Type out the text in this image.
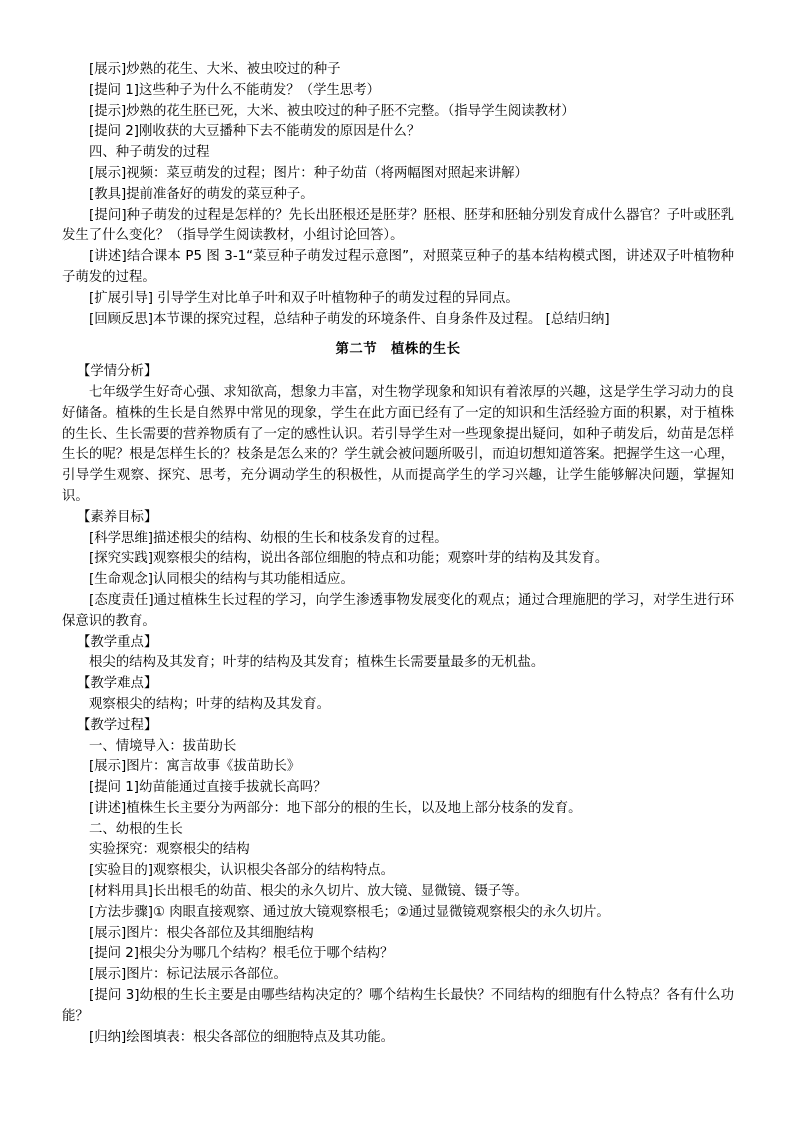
[展示]炒熟的花生、大米、被虫咬过的种子

[提问 1]这些种子为什么不能萌发？（学生思考）

[提示]炒熟的花生胚已死，大米、被虫咬过的种子胚不完整。（指导学生阅读教材）

[提问 2]刚收获的大豆播种下去不能萌发的原因是什么？

四、种子萌发的过程

[展示]视频：菜豆萌发的过程；图片：种子幼苗（将两幅图对照起来讲解）

[教具]提前准备好的萌发的菜豆种子。

[提问]种子萌发的过程是怎样的？先长出胚根还是胚芽？胚根、胚芽和胚轴分别发育成什么器官？子叶或胚乳发生了什么变化？（指导学生阅读教材，小组讨论回答）。

[讲述]结合课本 P5 图 3-1“菜豆种子萌发过程示意图”，对照菜豆种子的基本结构模式图，讲述双子叶植物种子萌发的过程。

[扩展引导] 引导学生对比单子叶和双子叶植物种子的萌发过程的异同点。

[回顾反思]本节课的探究过程，总结种子萌发的环境条件、自身条件及过程。 [总结归纳]

第二节　植株的生长

【学情分析】

七年级学生好奇心强、求知欲高，想象力丰富，对生物学现象和知识有着浓厚的兴趣，这是学生学习动力的良好储备。植株的生长是自然界中常见的现象，学生在此方面已经有了一定的知识和生活经验方面的积累，对于植株的生长、生长需要的营养物质有了一定的感性认识。若引导学生对一些现象提出疑问，如种子萌发后，幼苗是怎样生长的呢？根是怎样生长的？枝条是怎么来的？学生就会被问题所吸引，而迫切想知道答案。把握学生这一心理，引导学生观察、探究、思考，充分调动学生的积极性，从而提高学生的学习兴趣，让学生能够解决问题，掌握知识。

【素养目标】

[科学思维]描述根尖的结构、幼根的生长和枝条发育的过程。

[探究实践]观察根尖的结构，说出各部位细胞的特点和功能；观察叶芽的结构及其发育。

[生命观念]认同根尖的结构与其功能相适应。

[态度责任]通过植株生长过程的学习，向学生渗透事物发展变化的观点；通过合理施肥的学习，对学生进行环保意识的教育。

【教学重点】

根尖的结构及其发育；叶芽的结构及其发育；植株生长需要量最多的无机盐。

【教学难点】

观察根尖的结构；叶芽的结构及其发育。

【教学过程】

一、情境导入：拔苗助长

[展示]图片：寓言故事《拔苗助长》

[提问 1]幼苗能通过直接手拔就长高吗？

[讲述]植株生长主要分为两部分：地下部分的根的生长，以及地上部分枝条的发育。

二、幼根的生长

实验探究：观察根尖的结构

[实验目的]观察根尖，认识根尖各部分的结构特点。

[材料用具]长出根毛的幼苗、根尖的永久切片、放大镜、显微镜、镊子等。

[方法步骤]① 肉眼直接观察、通过放大镜观察根毛；②通过显微镜观察根尖的永久切片。

[展示]图片：根尖各部位及其细胞结构

[提问 2]根尖分为哪几个结构？根毛位于哪个结构？

[展示]图片：标记法展示各部位。

[提问 3]幼根的生长主要是由哪些结构决定的？哪个结构生长最快？不同结构的细胞有什么特点？各有什么功能？

[归纳]绘图填表：根尖各部位的细胞特点及其功能。
